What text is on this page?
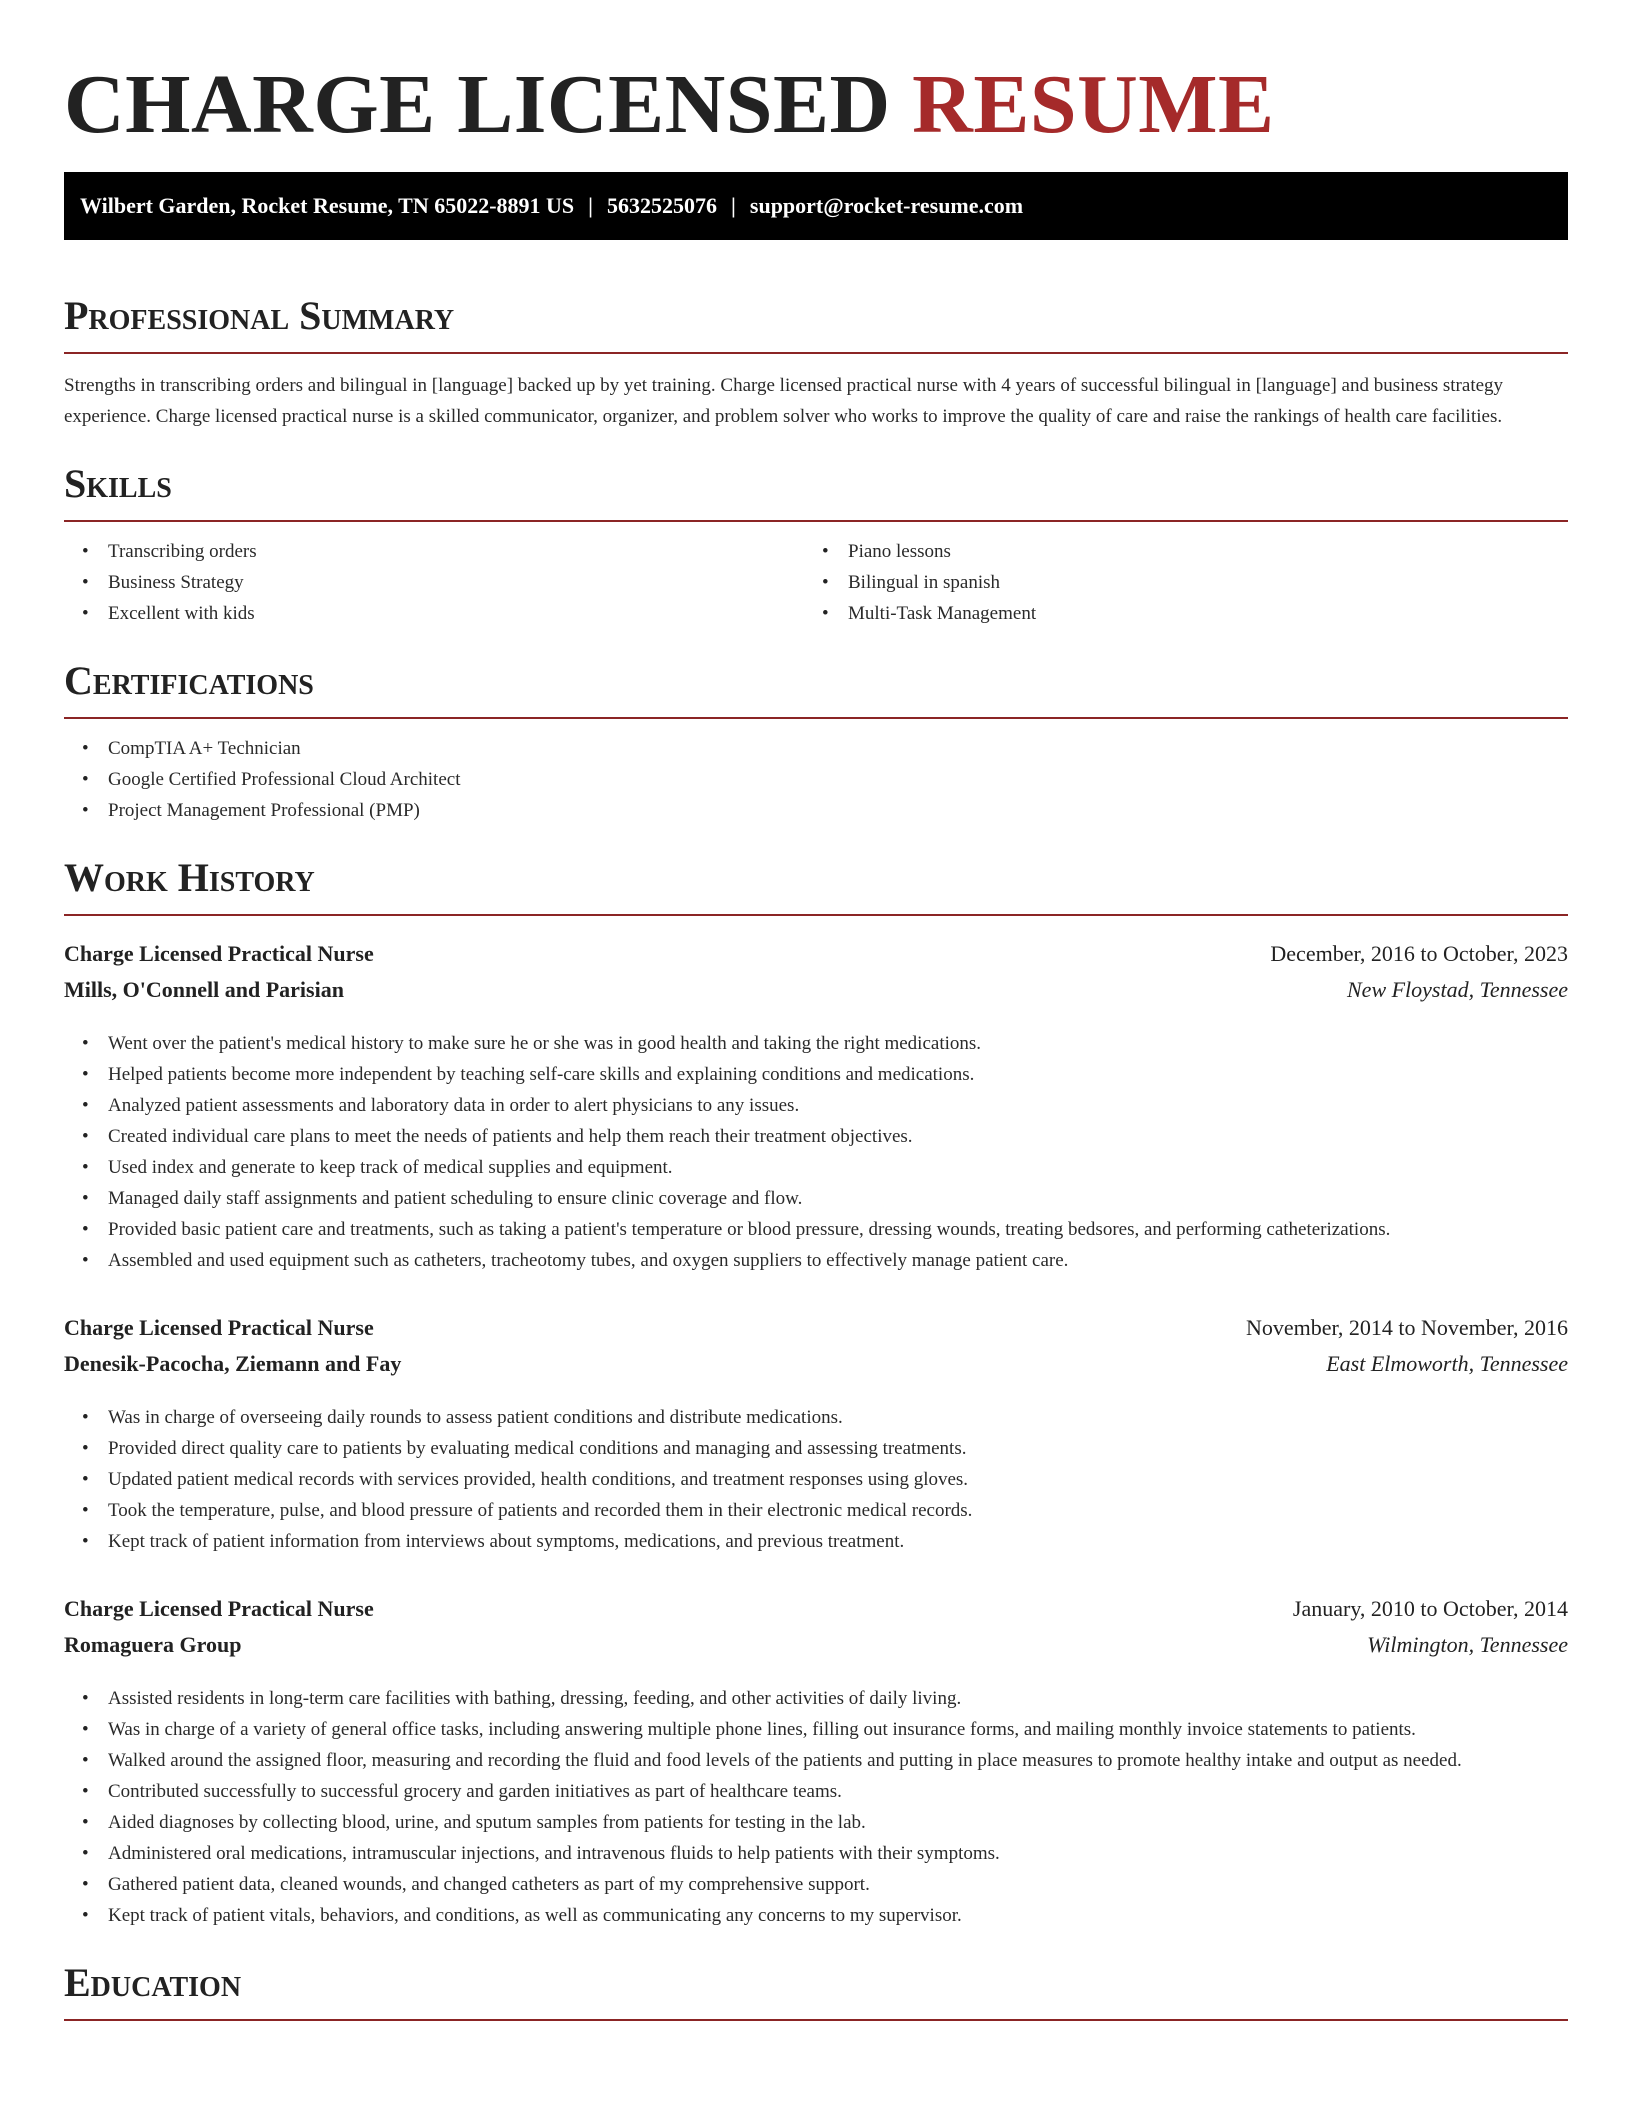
CHARGE LICENSED RESUME
Wilbert Garden, Rocket Resume, TN 65022-8891 US | 5632525076 | support@rocket-resume.com
Professional Summary
Strengths in transcribing orders and bilingual in [language] backed up by yet training. Charge licensed practical nurse with 4 years of successful bilingual in [language] and business strategy experience. Charge licensed practical nurse is a skilled communicator, organizer, and problem solver who works to improve the quality of care and raise the rankings of health care facilities.
Skills
• Transcribing orders
• Business Strategy
• Excellent with kids
• Piano lessons
• Bilingual in spanish
• Multi-Task Management
Certifications
• CompTIA A+ Technician
• Google Certified Professional Cloud Architect
• Project Management Professional (PMP)
Work History
Charge Licensed Practical Nurse	December, 2016 to October, 2023
Mills, O'Connell and Parisian	New Floystad, Tennessee
• Went over the patient's medical history to make sure he or she was in good health and taking the right medications.
• Helped patients become more independent by teaching self-care skills and explaining conditions and medications.
• Analyzed patient assessments and laboratory data in order to alert physicians to any issues.
• Created individual care plans to meet the needs of patients and help them reach their treatment objectives.
• Used index and generate to keep track of medical supplies and equipment.
• Managed daily staff assignments and patient scheduling to ensure clinic coverage and flow.
• Provided basic patient care and treatments, such as taking a patient's temperature or blood pressure, dressing wounds, treating bedsores, and performing catheterizations.
• Assembled and used equipment such as catheters, tracheotomy tubes, and oxygen suppliers to effectively manage patient care.
Charge Licensed Practical Nurse	November, 2014 to November, 2016
Denesik-Pacocha, Ziemann and Fay	East Elmoworth, Tennessee
• Was in charge of overseeing daily rounds to assess patient conditions and distribute medications.
• Provided direct quality care to patients by evaluating medical conditions and managing and assessing treatments.
• Updated patient medical records with services provided, health conditions, and treatment responses using gloves.
• Took the temperature, pulse, and blood pressure of patients and recorded them in their electronic medical records.
• Kept track of patient information from interviews about symptoms, medications, and previous treatment.
Charge Licensed Practical Nurse	January, 2010 to October, 2014
Romaguera Group	Wilmington, Tennessee
• Assisted residents in long-term care facilities with bathing, dressing, feeding, and other activities of daily living.
• Was in charge of a variety of general office tasks, including answering multiple phone lines, filling out insurance forms, and mailing monthly invoice statements to patients.
• Walked around the assigned floor, measuring and recording the fluid and food levels of the patients and putting in place measures to promote healthy intake and output as needed.
• Contributed successfully to successful grocery and garden initiatives as part of healthcare teams.
• Aided diagnoses by collecting blood, urine, and sputum samples from patients for testing in the lab.
• Administered oral medications, intramuscular injections, and intravenous fluids to help patients with their symptoms.
• Gathered patient data, cleaned wounds, and changed catheters as part of my comprehensive support.
• Kept track of patient vitals, behaviors, and conditions, as well as communicating any concerns to my supervisor.
Education
